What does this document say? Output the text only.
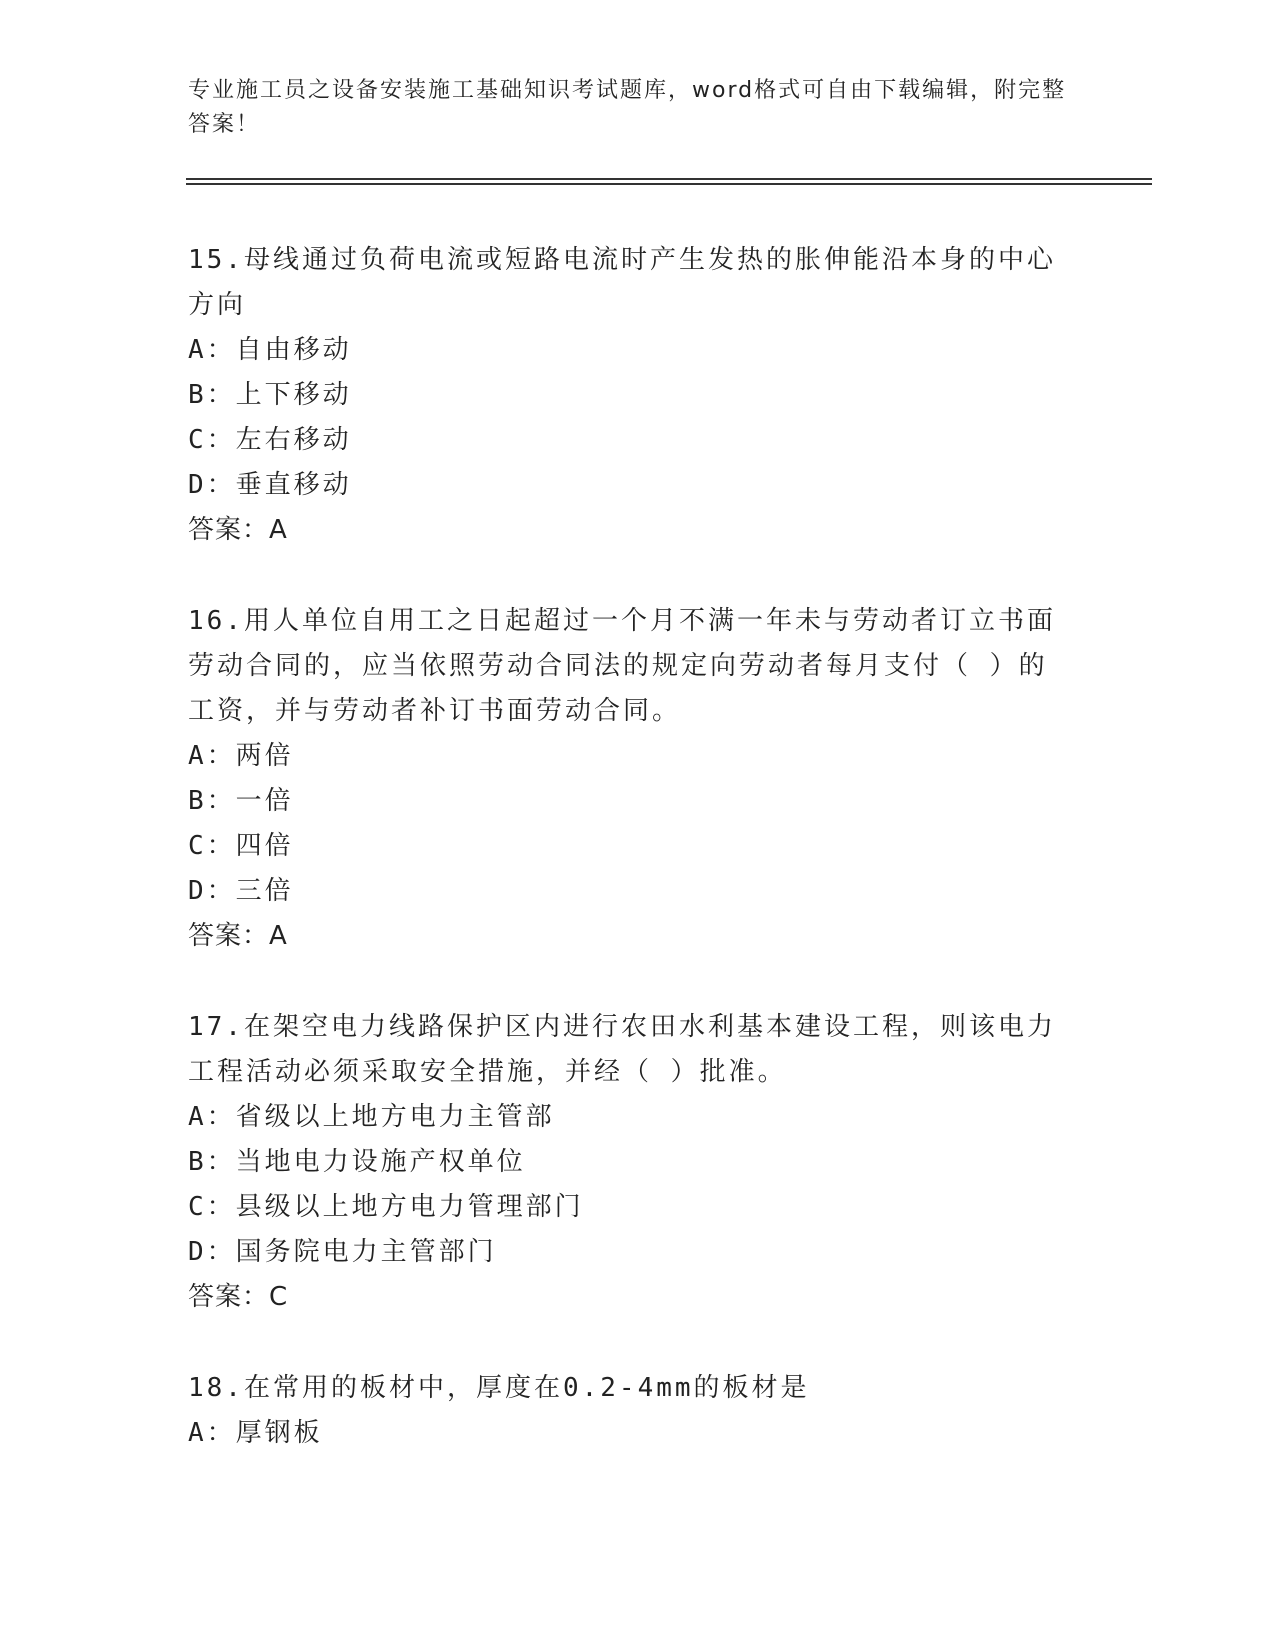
专业施工员之设备安装施工基础知识考试题库，word格式可自由下载编辑，附完整答案！

15.母线通过负荷电流或短路电流时产生发热的胀伸能沿本身的中心方向

A：自由移动

B：上下移动

C：左右移动

D：垂直移动

答案：A

16.用人单位自用工之日起超过一个月不满一年未与劳动者订立书面劳动合同的，应当依照劳动合同法的规定向劳动者每月支付（ ）的工资，并与劳动者补订书面劳动合同。

A：两倍

B：一倍

C：四倍

D：三倍

答案：A

17.在架空电力线路保护区内进行农田水利基本建设工程，则该电力工程活动必须采取安全措施，并经（ ）批准。

A：省级以上地方电力主管部

B：当地电力设施产权单位

C：县级以上地方电力管理部门

D：国务院电力主管部门

答案：C

18.在常用的板材中，厚度在0.2-4mm的板材是

A：厚钢板
